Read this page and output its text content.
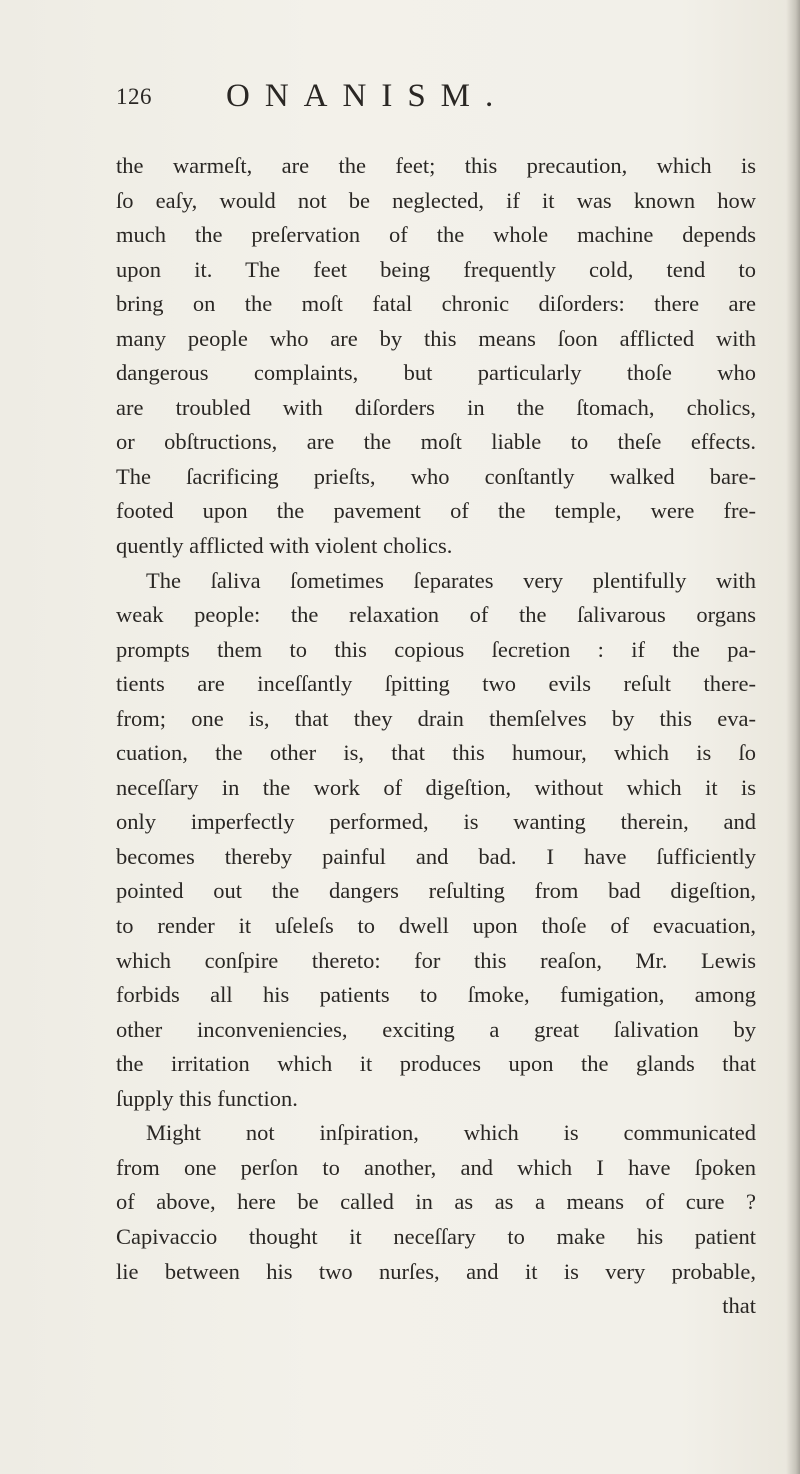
126 ONANISM.
the warmeſt, are the feet; this precaution, which is
ſo eaſy, would not be neglected, if it was known how
much the preſervation of the whole machine depends
upon it. The feet being frequently cold, tend to
bring on the moſt fatal chronic diſorders: there are
many people who are by this means ſoon afflicted with
dangerous complaints, but particularly thoſe who
are troubled with diſorders in the ſtomach, cholics,
or obſtructions, are the moſt liable to theſe effects.
The ſacrificing prieſts, who conſtantly walked bare-
footed upon the pavement of the temple, were fre-
quently afflicted with violent cholics.
The ſaliva ſometimes ſeparates very plentifully with
weak people: the relaxation of the ſalivarous organs
prompts them to this copious ſecretion : if the pa-
tients are inceſſantly ſpitting two evils reſult there-
from; one is, that they drain themſelves by this eva-
cuation, the other is, that this humour, which is ſo
neceſſary in the work of digeſtion, without which it is
only imperfectly performed, is wanting therein, and
becomes thereby painful and bad. I have ſufficiently
pointed out the dangers reſulting from bad digeſtion,
to render it uſeleſs to dwell upon thoſe of evacuation,
which conſpire thereto: for this reaſon, Mr. Lewis
forbids all his patients to ſmoke, fumigation, among
other inconveniencies, exciting a great ſalivation by
the irritation which it produces upon the glands that
ſupply this function.
Might not inſpiration, which is communicated
from one perſon to another, and which I have ſpoken
of above, here be called in as as a means of cure ?
Capivaccio thought it neceſſary to make his patient
lie between his two nurſes, and it is very probable,
that
